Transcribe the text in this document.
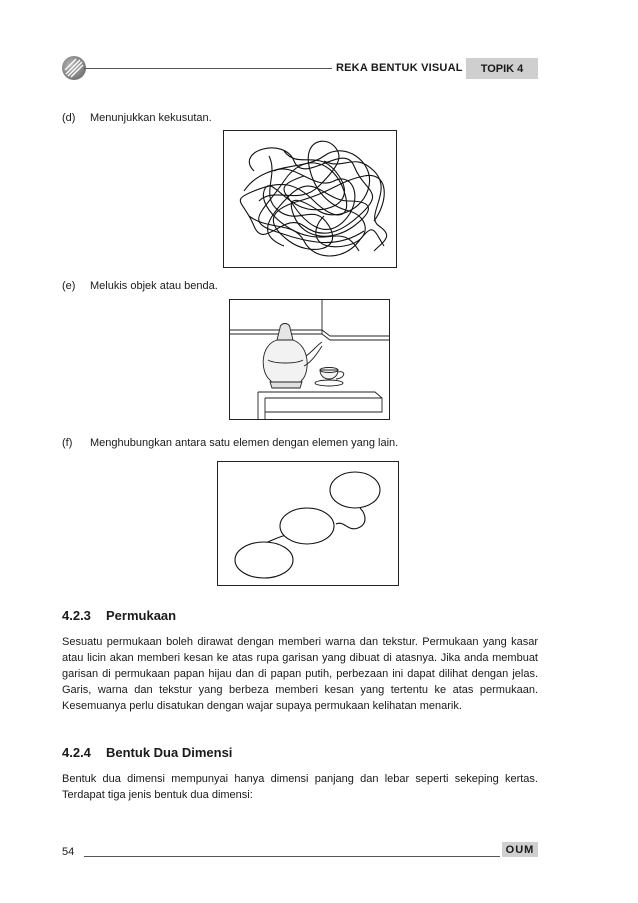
REKA BENTUK VISUAL	TOPIK 4
(d) Menunjukkan kekusutan.
(e) Melukis objek atau benda.
(f) Menghubungkan antara satu elemen dengan elemen yang lain.
4.2.3 Permukaan
Sesuatu permukaan boleh dirawat dengan memberi warna dan tekstur. Permukaan yang kasar atau licin akan memberi kesan ke atas rupa garisan yang dibuat di atasnya. Jika anda membuat garisan di permukaan papan hijau dan di papan putih, perbezaan ini dapat dilihat dengan jelas. Garis, warna dan tekstur yang berbeza memberi kesan yang tertentu ke atas permukaan. Kesemuanya perlu disatukan dengan wajar supaya permukaan kelihatan menarik.
4.2.4 Bentuk Dua Dimensi
Bentuk dua dimensi mempunyai hanya dimensi panjang dan lebar seperti sekeping kertas. Terdapat tiga jenis bentuk dua dimensi:
54	OUM
